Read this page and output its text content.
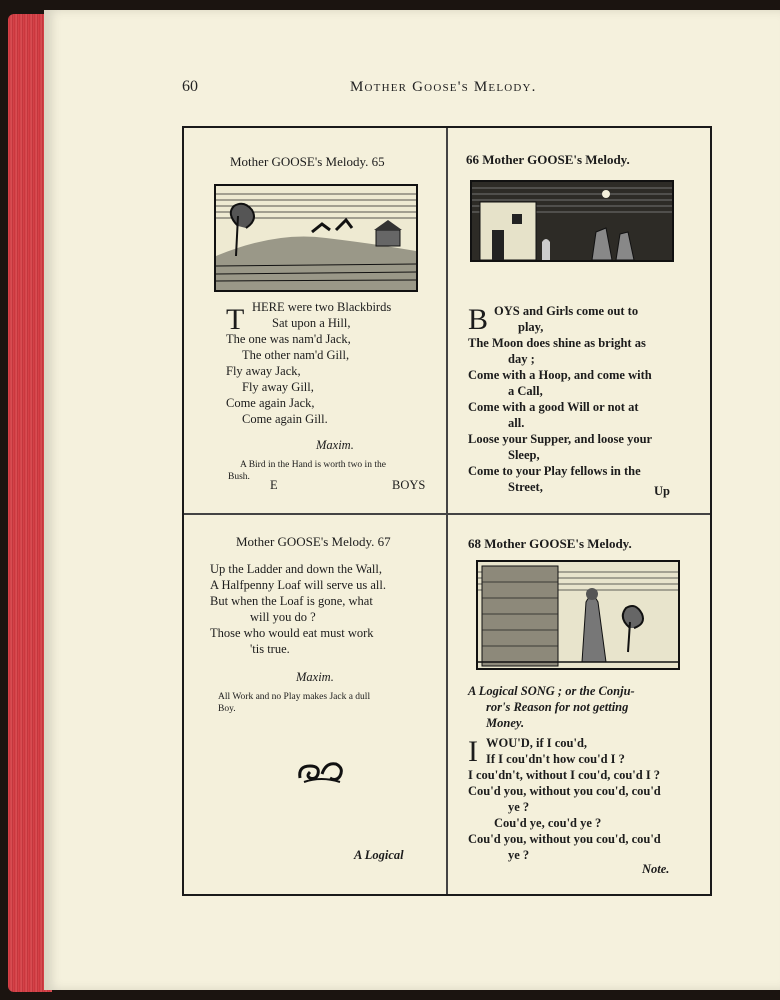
60	Mother Goose's Melody.
Mother GOOSE's Melody. 65
T HERE were two Blackbirds
Sat upon a Hill,
The one was nam'd Jack,
The other nam'd Gill,
Fly away Jack,
Fly away Gill,
Come again Jack,
Come again Gill.
Maxim.
A Bird in the Hand is worth two in the
Bush.
E	BOYS
66 Mother GOOSE's Melody.
B OYS and Girls come out to
play,
The Moon does shine as bright as
day ;
Come with a Hoop, and come with
a Call,
Come with a good Will or not at
all.
Loose your Supper, and loose your
Sleep,
Come to your Play fellows in the
Street,	Up
Mother GOOSE's Melody. 67
Up the Ladder and down the Wall,
A Halfpenny Loaf will serve us all.
But when the Loaf is gone, what
will you do ?
Those who would eat must work
'tis true.
Maxim.
All Work and no Play makes Jack a dull
Boy.
A Logical
68 Mother GOOSE's Melody.
A Logical SONG ; or the Conju-
ror's Reason for not getting
Money.
I WOU'D, if I cou'd,
If I cou'dn't how cou'd I ?
I cou'dn't, without I cou'd, cou'd I ?
Cou'd you, without you cou'd, cou'd
ye ?
Cou'd ye, cou'd ye ?
Cou'd you, without you cou'd, cou'd
ye ?
Note.
